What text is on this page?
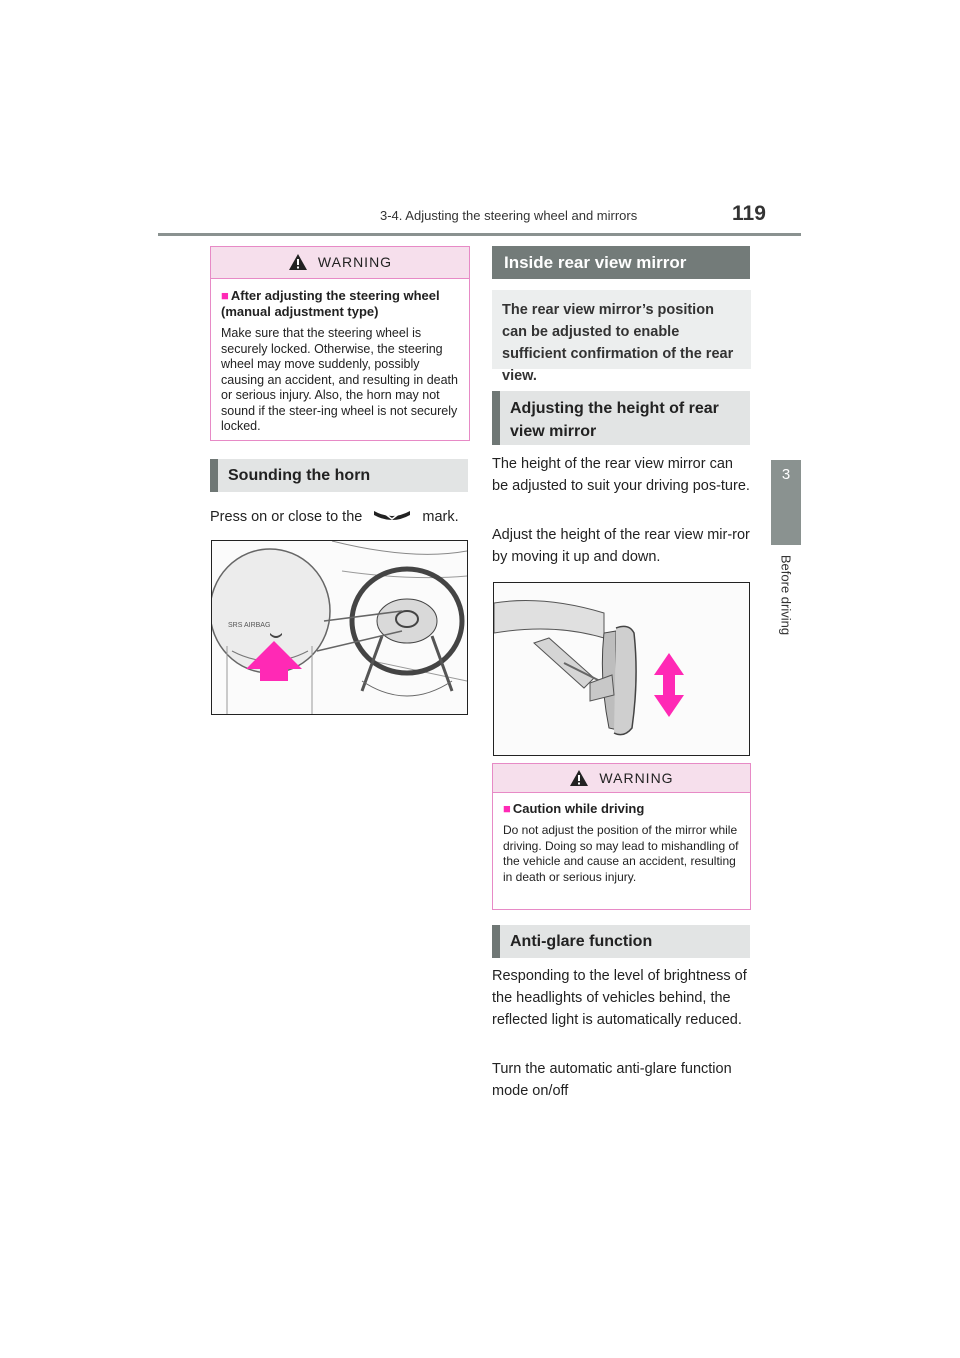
3-4. Adjusting the steering wheel and mirrors	119
3
Before driving
WARNING
■ After adjusting the steering wheel (manual adjustment type)
Make sure that the steering wheel is securely locked. Otherwise, the steering wheel may move suddenly, possibly causing an accident, and resulting in death or serious injury. Also, the horn may not sound if the steer-ing wheel is not securely locked.
Sounding the horn
Press on or close to the	mark.
SRS AIRBAG
Inside rear view mirror
The rear view mirror’s position can be adjusted to enable sufficient confirmation of the rear view.
Adjusting the height of rear view mirror
The height of the rear view mirror can be adjusted to suit your driving pos-ture.
Adjust the height of the rear view mir-ror by moving it up and down.
WARNING
■ Caution while driving
Do not adjust the position of the mirror while driving. Doing so may lead to mishandling of the vehicle and cause an accident, resulting in death or serious injury.
Anti-glare function
Responding to the level of brightness of the headlights of vehicles behind, the reflected light is automatically reduced.
Turn the automatic anti-glare function mode on/off
